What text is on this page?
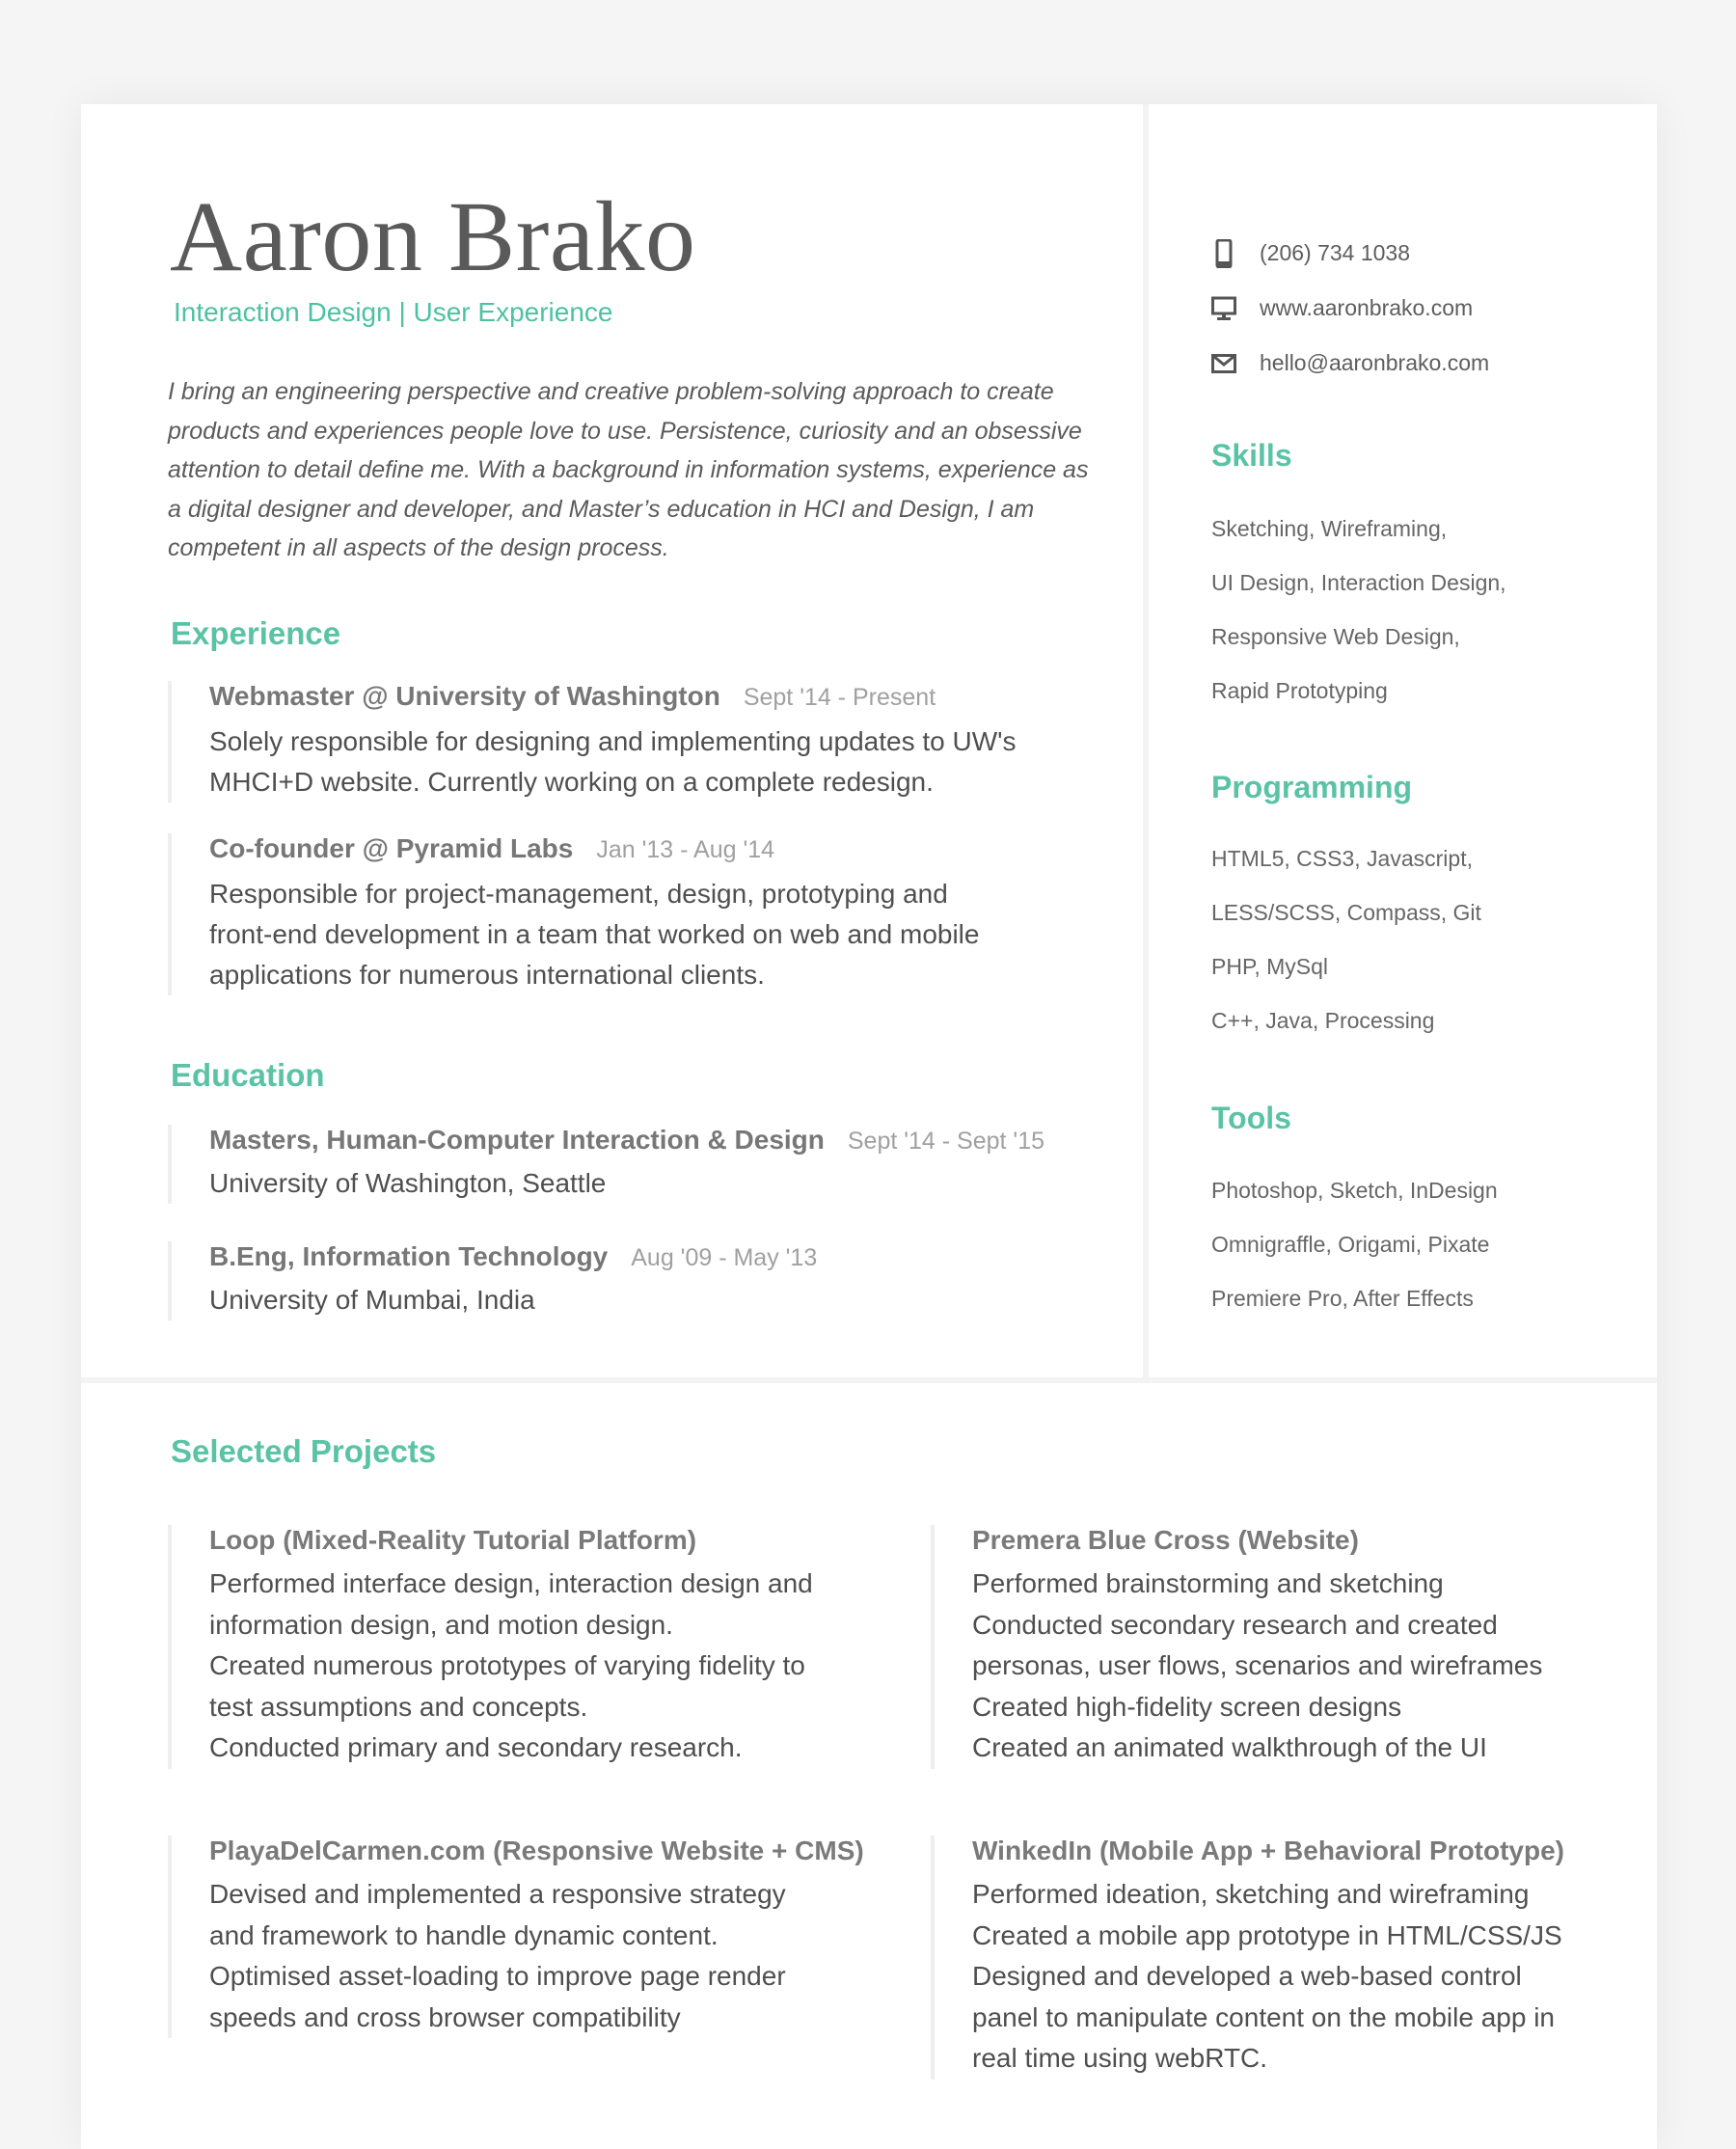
Aaron Brako
Interaction Design | User Experience

I bring an engineering perspective and creative problem-solving approach to create products and experiences people love to use. Persistence, curiosity and an obsessive attention to detail define me. With a background in information systems, experience as a digital designer and developer, and Master’s education in HCI and Design, I am competent in all aspects of the design process.

Experience
Webmaster @ University of Washington Sept '14 - Present
Solely responsible for designing and implementing updates to UW's
MHCI+D website. Currently working on a complete redesign.
Co-founder @ Pyramid Labs Jan '13 - Aug '14
Responsible for project-management, design, prototyping and
front-end development in a team that worked on web and mobile
applications for numerous international clients.
Education
Masters, Human-Computer Interaction & Design Sept '14 - Sept '15
University of Washington, Seattle
B.Eng, Information Technology Aug '09 - May '13
University of Mumbai, India
(206) 734 1038
www.aaronbrako.com
hello@aaronbrako.com
Skills
Sketching, Wireframing,
UI Design, Interaction Design,
Responsive Web Design,
Rapid Prototyping
Programming
HTML5, CSS3, Javascript,
LESS/SCSS, Compass, Git
PHP, MySql
C++, Java, Processing
Tools
Photoshop, Sketch, InDesign
Omnigraffle, Origami, Pixate
Premiere Pro, After Effects
Selected Projects
Loop (Mixed-Reality Tutorial Platform)
Performed interface design, interaction design and
information design, and motion design.
Created numerous prototypes of varying fidelity to
test assumptions and concepts.
Conducted primary and secondary research.
Premera Blue Cross (Website)
Performed brainstorming and sketching
Conducted secondary research and created
personas, user flows, scenarios and wireframes
Created high-fidelity screen designs
Created an animated walkthrough of the UI
PlayaDelCarmen.com (Responsive Website + CMS)
Devised and implemented a responsive strategy
and framework to handle dynamic content.
Optimised asset-loading to improve page render
speeds and cross browser compatibility
WinkedIn (Mobile App + Behavioral Prototype)
Performed ideation, sketching and wireframing
Created a mobile app prototype in HTML/CSS/JS
Designed and developed a web-based control
panel to manipulate content on the mobile app in
real time using webRTC.
